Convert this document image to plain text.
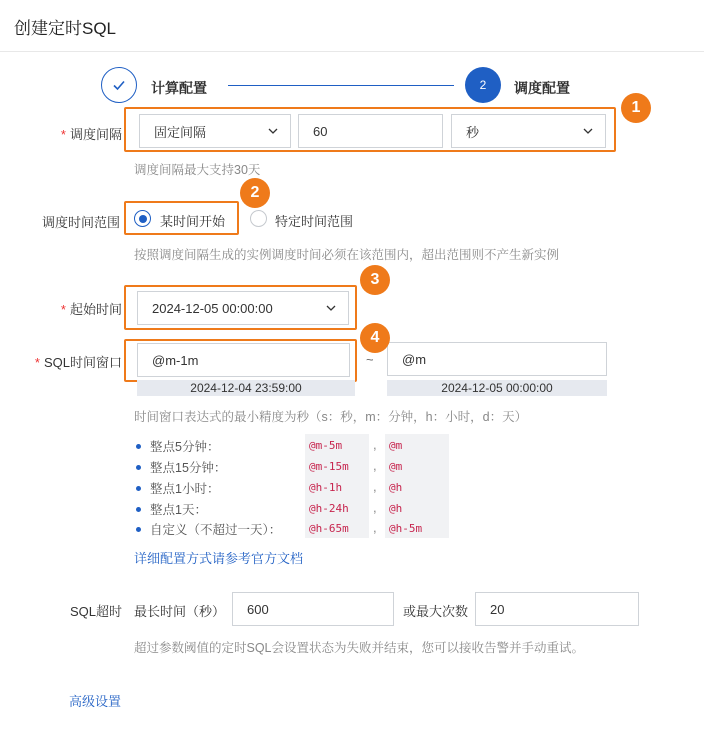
创建定时SQL
计算配置	2 调度配置
* 调度间隔 固定间隔	60	秒
1
调度间隔最大支持30天
调度时间范围	某时间开始	特定时间范围
2
按照调度间隔生成的实例调度时间必须在该范围内，超出范围则不产生新实例
* 起始时间 2024-12-05 00:00:00
3
* SQL时间窗口 @m-1m	~ @m
4
2024-12-04 23:59:00	2024-12-05 00:00:00
时间窗口表达式的最小精度为秒（s：秒，m：分钟，h：小时，d：天）
整点5分钟：	@m-5m , @m
整点15分钟：	@m-15m , @m
整点1小时：	@h-1h , @h
整点1天：	@h-24h , @h
自定义（不超过一天）：	@h-65m , @h-5m
详细配置方式请参考官方文档
SQL超时 最长时间（秒） 600	或最大次数 20
超过参数阈值的定时SQL会设置状态为失败并结束，您可以接收告警并手动重试。
高级设置
